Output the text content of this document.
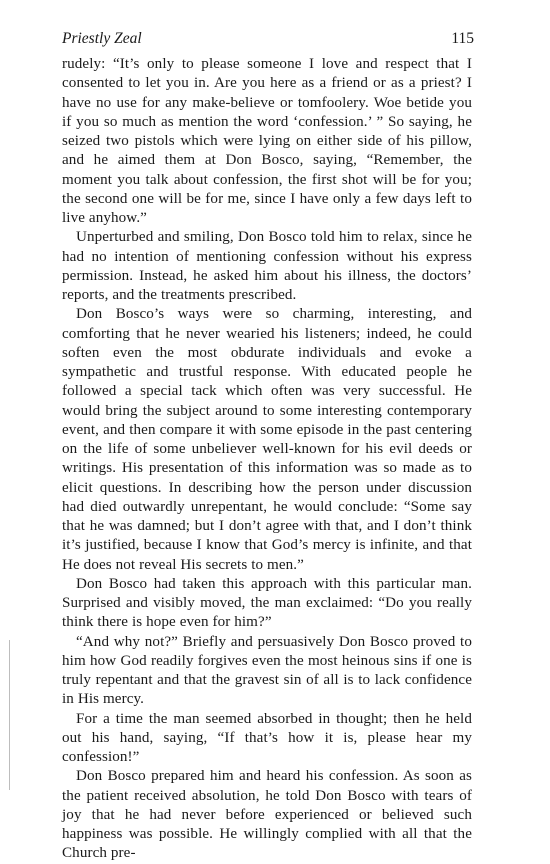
Priestly Zeal	115

rudely: “It’s only to please someone I love and respect that I consented to let you in. Are you here as a friend or as a priest? I have no use for any make-believe or tomfoolery. Woe betide you if you so much as mention the word ‘confession.’ ” So saying, he seized two pistols which were lying on either side of his pillow, and he aimed them at Don Bosco, saying, “Remember, the moment you talk about confession, the first shot will be for you; the second one will be for me, since I have only a few days left to live anyhow.”

Unperturbed and smiling, Don Bosco told him to relax, since he had no intention of mentioning confession without his express permission. Instead, he asked him about his illness, the doctors’ reports, and the treatments prescribed.

Don Bosco’s ways were so charming, interesting, and comforting that he never wearied his listeners; indeed, he could soften even the most obdurate individuals and evoke a sympathetic and trustful response. With educated people he followed a special tack which often was very successful. He would bring the subject around to some interesting contemporary event, and then compare it with some episode in the past centering on the life of some unbeliever well-known for his evil deeds or writings. His presentation of this information was so made as to elicit questions. In describing how the person under discussion had died outwardly unrepentant, he would conclude: “Some say that he was damned; but I don’t agree with that, and I don’t think it’s justified, because I know that God’s mercy is infinite, and that He does not reveal His secrets to men.”

Don Bosco had taken this approach with this particular man. Surprised and visibly moved, the man exclaimed: “Do you really think there is hope even for him?”

“And why not?” Briefly and persuasively Don Bosco proved to him how God readily forgives even the most heinous sins if one is truly repentant and that the gravest sin of all is to lack confidence in His mercy.

For a time the man seemed absorbed in thought; then he held out his hand, saying, “If that’s how it is, please hear my confession!”

Don Bosco prepared him and heard his confession. As soon as the patient received absolution, he told Don Bosco with tears of joy that he had never before experienced or believed such happiness was possible. He willingly complied with all that the Church pre-
